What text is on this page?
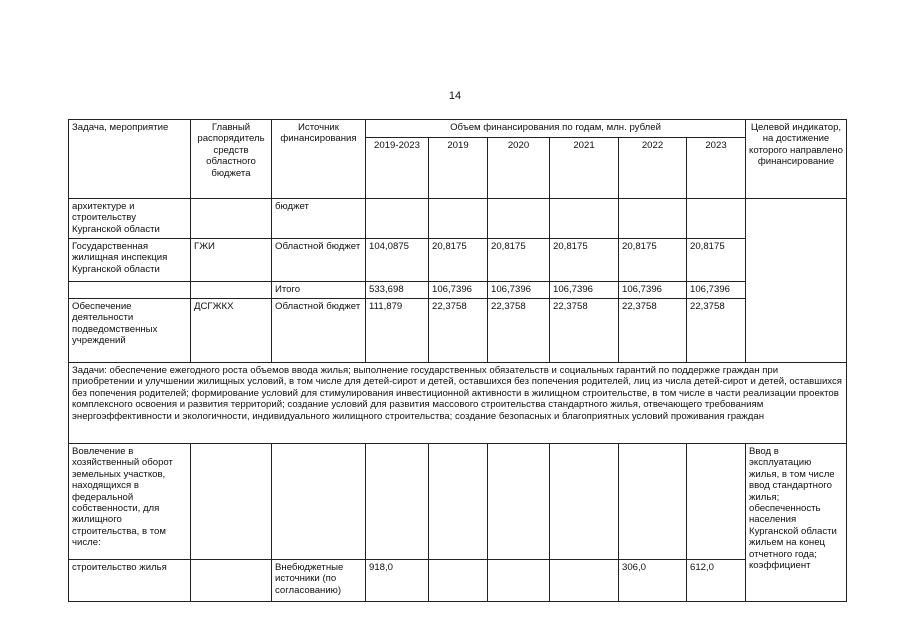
14
Задача, мероприятие	Главный распорядитель средств областного бюджета	Источник финансирования	Объем финансирования по годам, млн. рублей						Целевой индикатор, на достижение которого направлено финансирование
			2019-2023	2019	2020	2021	2022	2023	
архитектуре и строительству Курганской области		бюджет							
Государственная жилищная инспекция Курганской области	ГЖИ	Областной бюджет	104,0875	20,8175	20,8175	20,8175	20,8175	20,8175	
		Итого	533,698	106,7396	106,7396	106,7396	106,7396	106,7396	
Обеспечение деятельности подведомственных учреждений	ДСГЖКХ	Областной бюджет	111,879	22,3758	22,3758	22,3758	22,3758	22,3758	
Задачи: обеспечение ежегодного роста объемов ввода жилья; выполнение государственных обязательств и социальных гарантий по поддержке граждан при приобретении и улучшении жилищных условий, в том числе для детей-сирот и детей, оставшихся без попечения родителей, лиц из числа детей-сирот и детей, оставшихся без попечения родителей; формирование условий для стимулирования инвестиционной активности в жилищном строительстве, в том числе в части реализации проектов комплексного освоения и развития территорий; создание условий для развития массового строительства стандартного жилья, отвечающего требованиям энергоэффективности и экологичности, индивидуального жилищного строительства; создание безопасных и благоприятных условий проживания граждан									
Вовлечение в хозяйственный оборот земельных участков, находящихся в федеральной собственности, для жилищного строительства, в том числе:									Ввод в эксплуатацию жилья, в том числе ввод стандартного жилья; обеспеченность населения Курганской области жильем на конец отчетного года; коэффициент
строительство жилья		Внебюджетные источники (по согласованию)	918,0				306,0	612,0	
